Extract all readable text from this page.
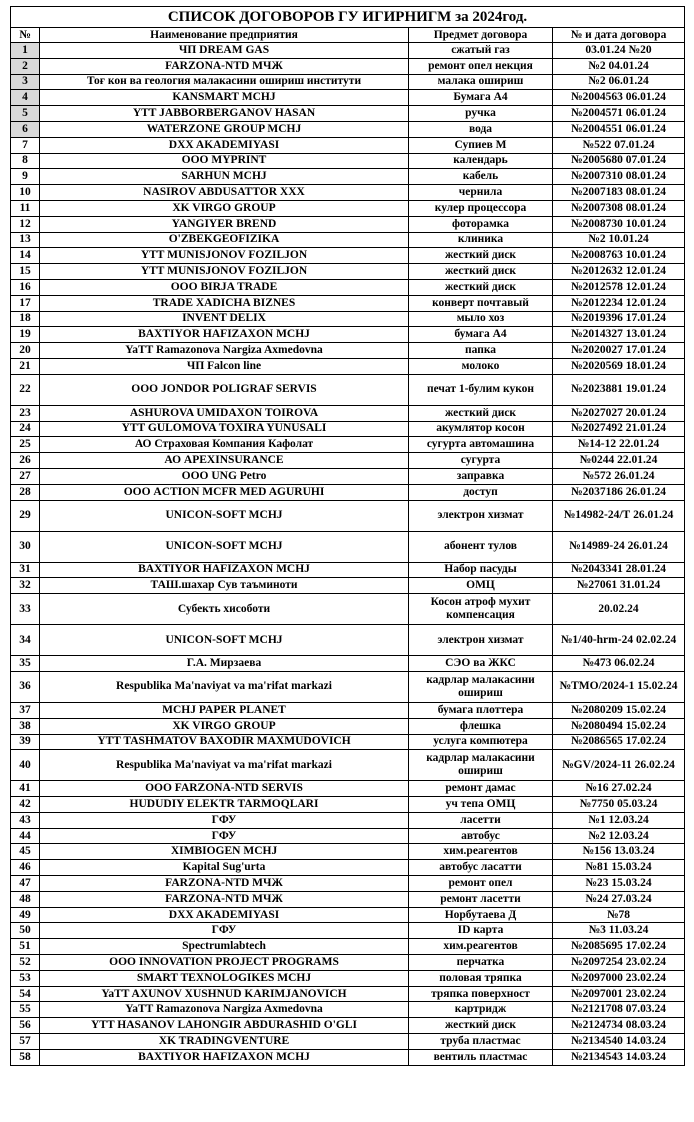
СПИСОК ДОГОВОРОВ ГУ ИГИРНИГМ за 2024год.			
№	Наименование предприятия	Предмет договора	№ и дата договора
1	ЧП DREAM GAS	сжатый газ	03.01.24 №20
2	FARZONA-NTD МЧЖ	ремонт опел некция	№2 04.01.24
3	Тоғ кон ва геология малакасини ошириш институти	малака ошириш	№2 06.01.24
4	KANSMART MCHJ	Бумага А4	№2004563 06.01.24
5	YTT JABBORBERGANOV HASAN	ручка	№2004571 06.01.24
6	WATERZONE GROUP MCHJ	вода	№2004551 06.01.24
7	DXX AKADEMIYASI	Супиев М	№522 07.01.24
8	ООО MYPRINT	календарь	№2005680 07.01.24
9	SARHUN MCHJ	кабель	№2007310 08.01.24
10	NASIROV ABDUSATTOR XXX	чернила	№2007183 08.01.24
11	XK VIRGO GROUP	кулер процессора	№2007308 08.01.24
12	YANGIYER BREND	фоторамка	№2008730 10.01.24
13	O'ZBEKGEOFIZIKA	клиника	№2 10.01.24
14	YTT MUNISJONOV FOZILJON	жесткий диск	№2008763 10.01.24
15	YTT MUNISJONOV FOZILJON	жесткий диск	№2012632 12.01.24
16	ООО BIRJA TRADE	жесткий диск	№2012578 12.01.24
17	TRADE XADICHA BIZNES	конверт почтавый	№2012234 12.01.24
18	INVENT DELIX	мыло хоз	№2019396 17.01.24
19	BAXTIYOR HAFIZAXON MCHJ	бумага А4	№2014327 13.01.24
20	YaTT Ramazonova Nargiza Axmedovna	папка	№2020027 17.01.24
21	ЧП Falcon line	молоко	№2020569 18.01.24
22	ООО JONDOR POLIGRAF SERVIS	печат 1-булим кукон	№2023881 19.01.24
23	ASHUROVA UMIDAXON TOIROVA	жесткий диск	№2027027 20.01.24
24	YTT GULOMOVA TOXIRA YUNUSALI	акумлятор косон	№2027492 21.01.24
25	АО Страховая Компания Кафолат	сугурта автомашина	№14-12 22.01.24
26	АО APEXINSURANCE	сугурта	№0244 22.01.24
27	ООО UNG Petro	заправка	№572 26.01.24
28	ООО ACTION MCFR MED AGURUHI	доступ	№2037186 26.01.24
29	UNICON-SOFT MCHJ	электрон хизмат	№14982-24/Т 26.01.24
30	UNICON-SOFT MCHJ	абонент тулов	№14989-24 26.01.24
31	BAXTIYOR HAFIZAXON MCHJ	Набор пасуды	№2043341 28.01.24
32	ТАШ.шахар Сув таъминоти	ОМЦ	№27061 31.01.24
33	Субекть хисоботи	Косон атроф мухит компенсация	20.02.24
34	UNICON-SOFT MCHJ	электрон хизмат	№1/40-hrm-24 02.02.24
35	Г.А. Мирзаева	СЭО ва ЖКС	№473 06.02.24
36	Respublika Ma'naviyat va ma'rifat markazi	кадрлар малакасини ошириш	№TMO/2024-1 15.02.24
37	MCHJ PAPER PLANET	бумага плоттера	№2080209 15.02.24
38	XK VIRGO GROUP	флешка	№2080494 15.02.24
39	YTT TASHMATOV BAXODIR MAXMUDOVICH	услуга компютера	№2086565 17.02.24
40	Respublika Ma'naviyat va ma'rifat markazi	кадрлар малакасини ошириш	№GV/2024-11 26.02.24
41	ООО FARZONA-NTD SERVIS	ремонт дамас	№16 27.02.24
42	HUDUDIY ELEKTR TARMOQLARI	уч тепа ОМЦ	№7750 05.03.24
43	ГФУ	ласетти	№1 12.03.24
44	ГФУ	автобус	№2 12.03.24
45	XIMBIOGEN MCHJ	хим.реагентов	№156 13.03.24
46	Kapital Sug'urta	автобус ласатти	№81 15.03.24
47	FARZONA-NTD МЧЖ	ремонт опел	№23 15.03.24
48	FARZONA-NTD МЧЖ	ремонт ласетти	№24 27.03.24
49	DXX AKADEMIYASI	Норбутаева Д	№78
50	ГФУ	ID карта	№3 11.03.24
51	Spectrumlabtech	хим.реагентов	№2085695 17.02.24
52	ООО INNOVATION PROJECT PROGRAMS	перчатка	№2097254 23.02.24
53	SMART TEXNOLOGIKES MCHJ	половая тряпка	№2097000 23.02.24
54	YaTT AXUNOV XUSHNUD KARIMJANOVICH	тряпка поверхност	№2097001 23.02.24
55	YaTT Ramazonova Nargiza Axmedovna	картридж	№2121708 07.03.24
56	YTT HASANOV LAHONGIR ABDURASHID O'GLI	жесткий диск	№2124734 08.03.24
57	XK TRADINGVENTURE	труба пластмас	№2134540 14.03.24
58	BAXTIYOR HAFIZAXON MCHJ	вентиль пластмас	№2134543 14.03.24
